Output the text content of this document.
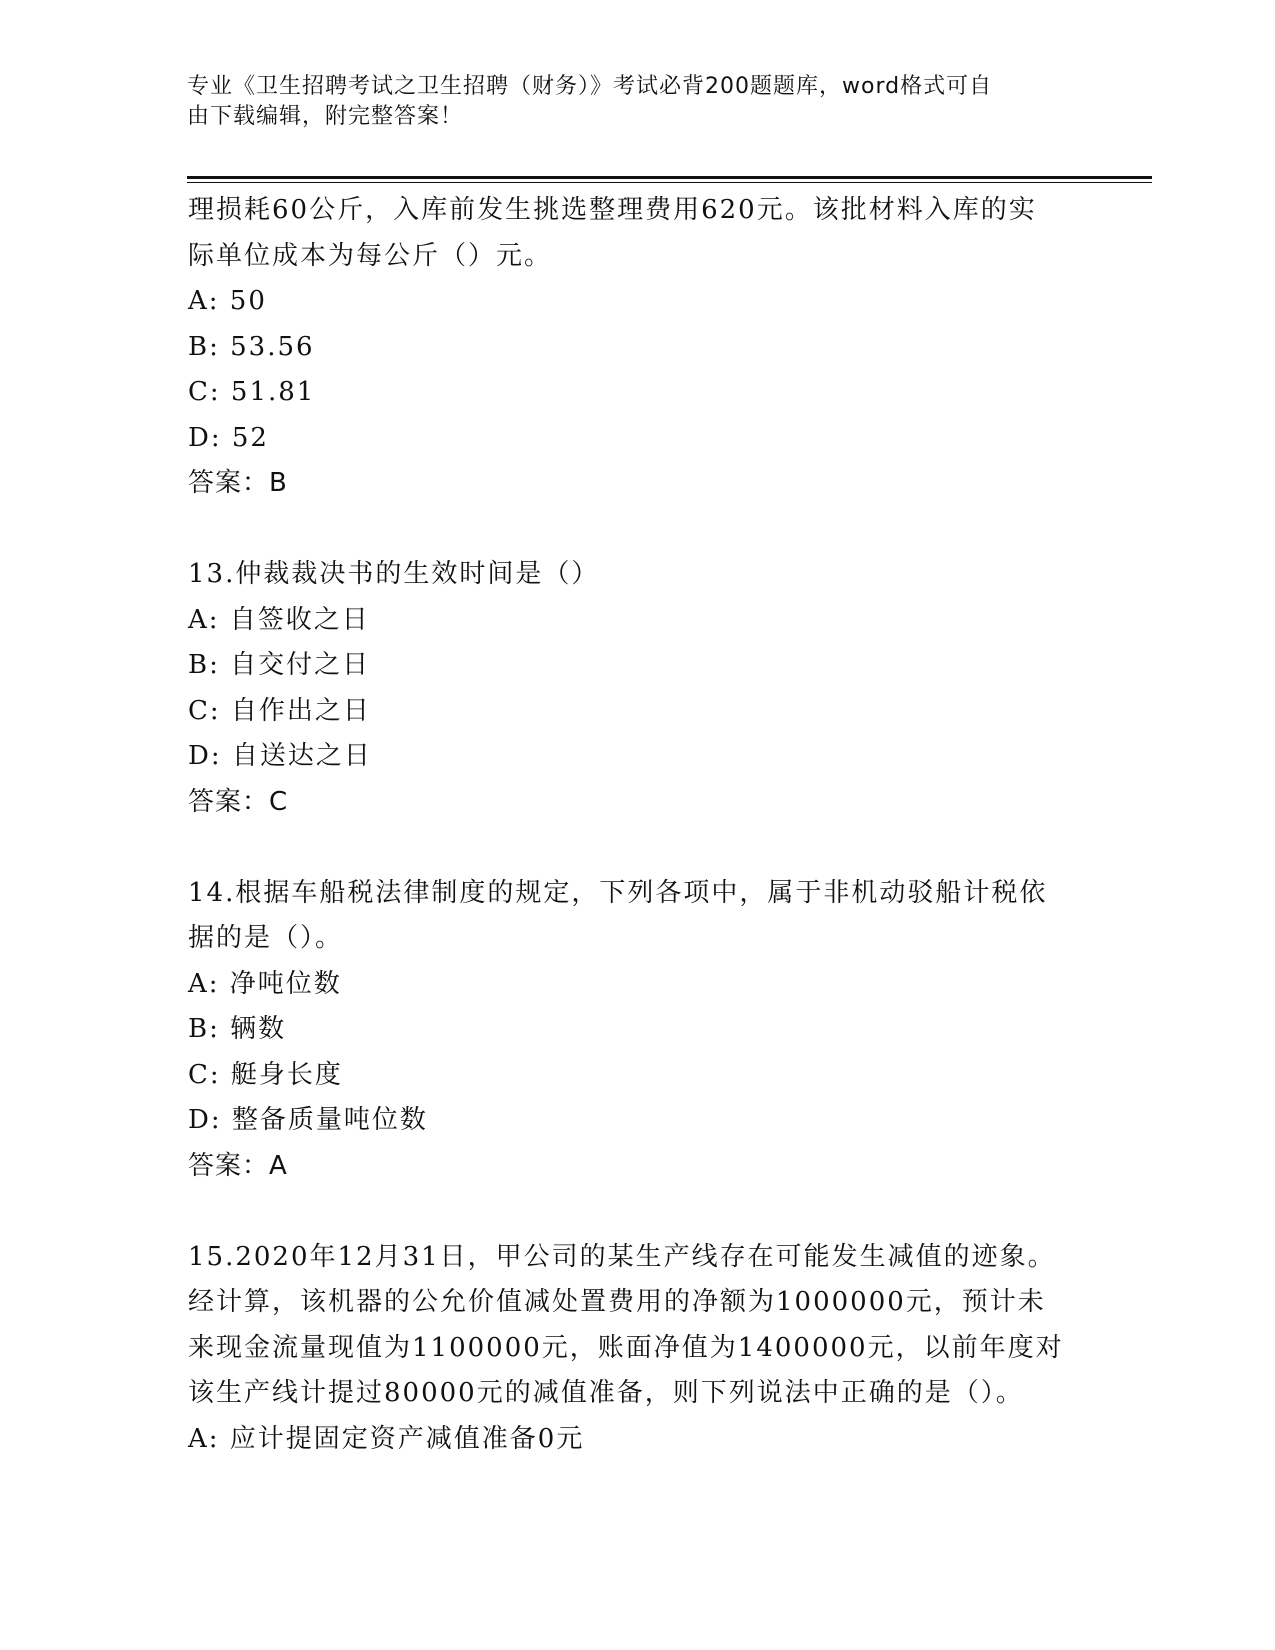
专业《卫生招聘考试之卫生招聘（财务）》考试必背200题题库，word格式可自
由下载编辑，附完整答案！
理损耗60公斤，入库前发生挑选整理费用620元。该批材料入库的实
际单位成本为每公斤（）元。
A: 50
B: 53.56
C: 51.81
D: 52
答案：B
13.仲裁裁决书的生效时间是（）
A: 自签收之日
B: 自交付之日
C: 自作出之日
D: 自送达之日
答案：C
14.根据车船税法律制度的规定，下列各项中，属于非机动驳船计税依
据的是（）。
A: 净吨位数
B: 辆数
C: 艇身长度
D: 整备质量吨位数
答案：A
15.2020年12月31日，甲公司的某生产线存在可能发生减值的迹象。
经计算，该机器的公允价值减处置费用的净额为1000000元，预计未
来现金流量现值为1100000元，账面净值为1400000元，以前年度对
该生产线计提过80000元的减值准备，则下列说法中正确的是（）。
A: 应计提固定资产减值准备0元
